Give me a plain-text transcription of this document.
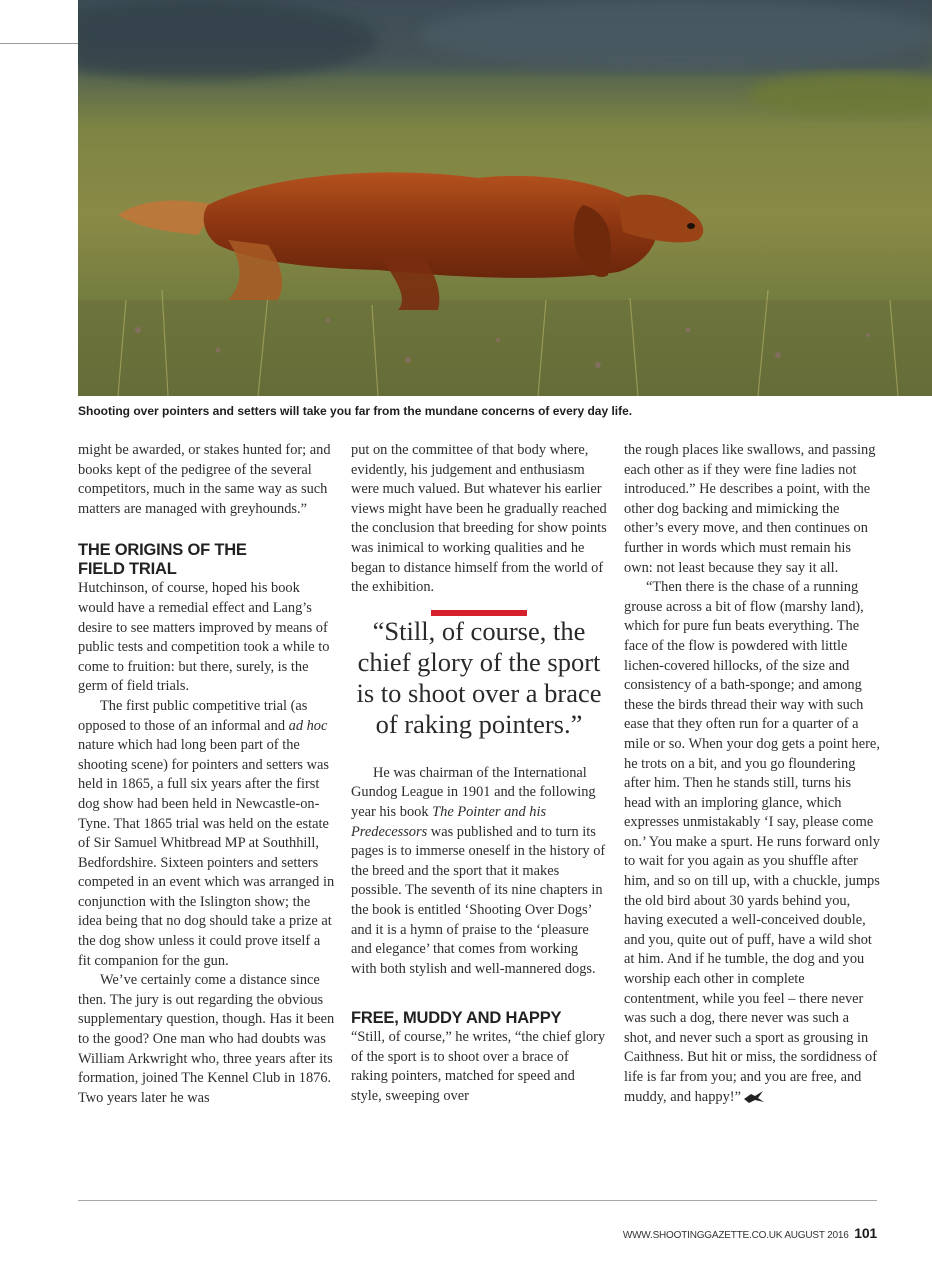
Shooting over pointers and setters will take you far from the mundane concerns of every day life.

might be awarded, or stakes hunted for; and books kept of the pedigree of the several competitors, much in the same way as such matters are managed with greyhounds.”

THE ORIGINS OF THE
FIELD TRIAL

Hutchinson, of course, hoped his book would have a remedial effect and Lang’s desire to see matters improved by means of public tests and competition took a while to come to fruition: but there, surely, is the germ of field trials.

The first public competitive trial (as opposed to those of an informal and ad hoc nature which had long been part of the shooting scene) for pointers and setters was held in 1865, a full six years after the first dog show had been held in Newcastle-on-Tyne. That 1865 trial was held on the estate of Sir Samuel Whitbread MP at Southhill, Bedfordshire. Sixteen pointers and setters competed in an event which was arranged in conjunction with the Islington show; the idea being that no dog should take a prize at the dog show unless it could prove itself a fit companion for the gun.

We’ve certainly come a distance since then. The jury is out regarding the obvious supplementary question, though. Has it been to the good? One man who had doubts was William Arkwright who, three years after its formation, joined The Kennel Club in 1876. Two years later he was

put on the committee of that body where, evidently, his judgement and enthusiasm were much valued. But whatever his earlier views might have been he gradually reached the conclusion that breeding for show points was inimical to working qualities and he began to distance himself from the world of the exhibition.

“Still, of course, the chief glory of the sport is to shoot over a brace of raking pointers.”

He was chairman of the International Gundog League in 1901 and the following year his book The Pointer and his Predecessors was published and to turn its pages is to immerse oneself in the history of the breed and the sport that it makes possible. The seventh of its nine chapters in the book is entitled ‘Shooting Over Dogs’ and it is a hymn of praise to the ‘pleasure and elegance’ that comes from working with both stylish and well-mannered dogs.

FREE, MUDDY AND HAPPY

“Still, of course,” he writes, “the chief glory of the sport is to shoot over a brace of raking pointers, matched for speed and style, sweeping over

the rough places like swallows, and passing each other as if they were fine ladies not introduced.” He describes a point, with the other dog backing and mimicking the other’s every move, and then continues on further in words which must remain his own: not least because they say it all.

“Then there is the chase of a running grouse across a bit of flow (marshy land), which for pure fun beats everything. The face of the flow is powdered with little lichen-covered hillocks, of the size and consistency of a bath-sponge; and among these the birds thread their way with such ease that they often run for a quarter of a mile or so. When your dog gets a point here, he trots on a bit, and you go floundering after him. Then he stands still, turns his head with an imploring glance, which expresses unmistakably ‘I say, please come on.’ You make a spurt. He runs forward only to wait for you again as you shuffle after him, and so on till up, with a chuckle, jumps the old bird about 30 yards behind you, having executed a well-conceived double, and you, quite out of puff, have a wild shot at him. And if he tumble, the dog and you worship each other in complete contentment, while you feel – there never was such a dog, there never was such a shot, and never such a sport as grousing in Caithness. But hit or miss, the sordidness of life is far from you; and you are free, and muddy, and happy!”

WWW.SHOOTINGGAZETTE.CO.UK AUGUST 2016 101
